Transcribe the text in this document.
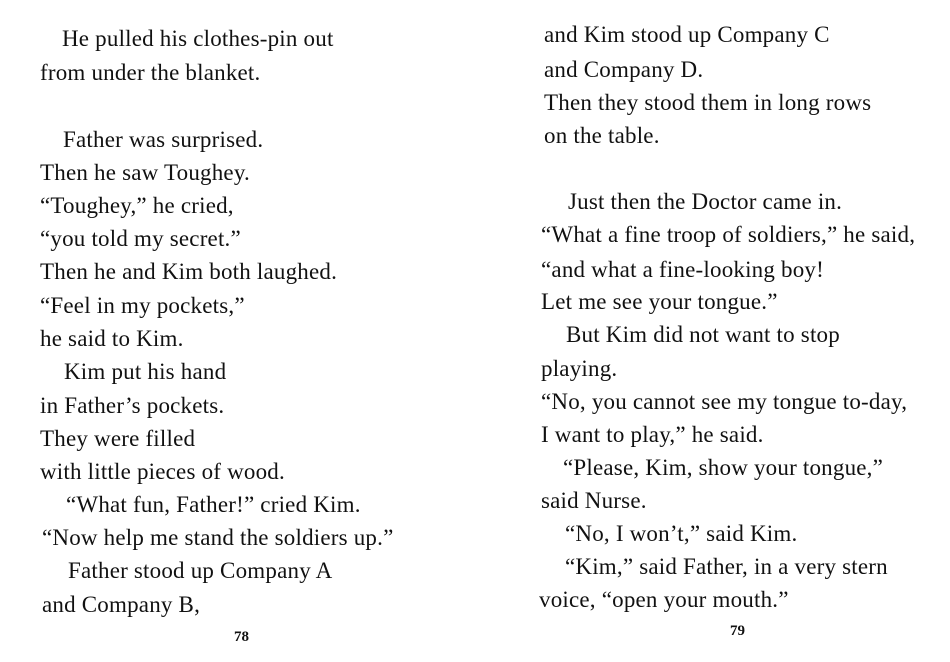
He pulled his clothes-pin out
from under the blanket.
Father was surprised.
Then he saw Toughey.
“Toughey,” he cried,
“you told my secret.”
Then he and Kim both laughed.
“Feel in my pockets,”
he said to Kim.
Kim put his hand
in Father’s pockets.
They were filled
with little pieces of wood.
“What fun, Father!” cried Kim.
“Now help me stand the soldiers up.”
Father stood up Company A
and Company B,
78
and Kim stood up Company C
and Company D.
Then they stood them in long rows
on the table.
Just then the Doctor came in.
“What a fine troop of soldiers,” he said,
“and what a fine-looking boy!
Let me see your tongue.”
But Kim did not want to stop
playing.
“No, you cannot see my tongue to-day,
I want to play,” he said.
“Please, Kim, show your tongue,”
said Nurse.
“No, I won’t,” said Kim.
“Kim,” said Father, in a very stern
voice, “open your mouth.”
79
